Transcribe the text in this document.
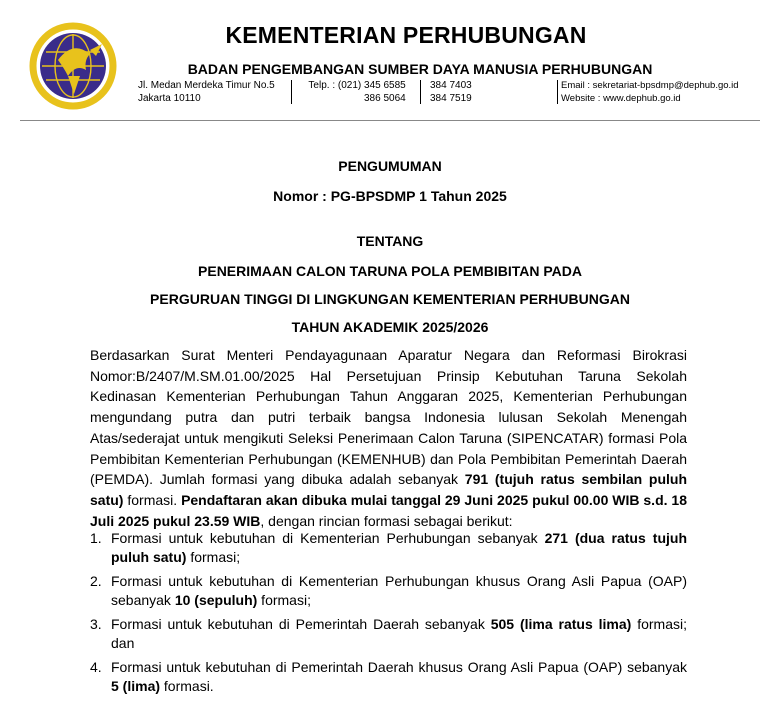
KEMENTERIAN PERHUBUNGAN
BADAN PENGEMBANGAN SUMBER DAYA MANUSIA PERHUBUNGAN
Jl. Medan Merdeka Timur No.5
Jakarta 10110
Telp. : (021) 345 6585
386 5064
384 7403
384 7519
Email : sekretariat-bpsdmp@dephub.go.id
Website : www.dephub.go.id
PENGUMUMAN
Nomor : PG-BPSDMP 1 Tahun 2025
TENTANG
PENERIMAAN CALON TARUNA POLA PEMBIBITAN PADA
PERGURUAN TINGGI DI LINGKUNGAN KEMENTERIAN PERHUBUNGAN
TAHUN AKADEMIK 2025/2026
Berdasarkan Surat Menteri Pendayagunaan Aparatur Negara dan Reformasi Birokrasi Nomor:B/2407/M.SM.01.00/2025 Hal Persetujuan Prinsip Kebutuhan Taruna Sekolah Kedinasan Kementerian Perhubungan Tahun Anggaran 2025, Kementerian Perhubungan mengundang putra dan putri terbaik bangsa Indonesia lulusan Sekolah Menengah Atas/sederajat untuk mengikuti Seleksi Penerimaan Calon Taruna (SIPENCATAR) formasi Pola Pembibitan Kementerian Perhubungan (KEMENHUB) dan Pola Pembibitan Pemerintah Daerah (PEMDA). Jumlah formasi yang dibuka adalah sebanyak 791 (tujuh ratus sembilan puluh satu) formasi. Pendaftaran akan dibuka mulai tanggal 29 Juni 2025 pukul 00.00 WIB s.d. 18 Juli 2025 pukul 23.59 WIB, dengan rincian formasi sebagai berikut:
1. Formasi untuk kebutuhan di Kementerian Perhubungan sebanyak 271 (dua ratus tujuh puluh satu) formasi;
2. Formasi untuk kebutuhan di Kementerian Perhubungan khusus Orang Asli Papua (OAP) sebanyak 10 (sepuluh) formasi;
3. Formasi untuk kebutuhan di Pemerintah Daerah sebanyak 505 (lima ratus lima) formasi; dan
4. Formasi untuk kebutuhan di Pemerintah Daerah khusus Orang Asli Papua (OAP) sebanyak 5 (lima) formasi.
